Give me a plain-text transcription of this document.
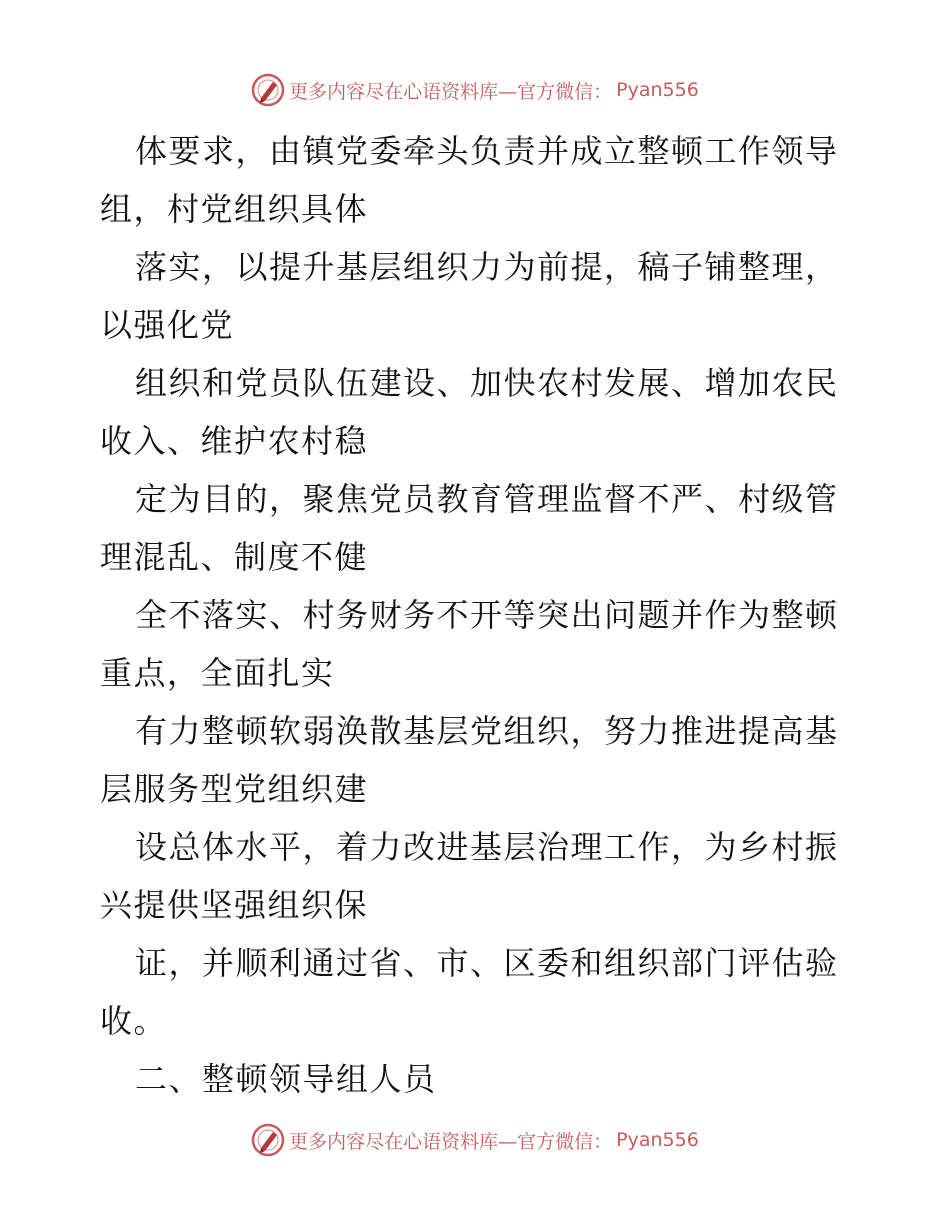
更多内容尽在心语资料库—官方微信： Pyan556
体要求，由镇党委牵头负责并成立整顿工作领导
组，村党组织具体
落实，以提升基层组织力为前提，稿子铺整理，
以强化党
组织和党员队伍建设、加快农村发展、增加农民
收入、维护农村稳
定为目的，聚焦党员教育管理监督不严、村级管
理混乱、制度不健
全不落实、村务财务不开等突出问题并作为整顿
重点，全面扎实
有力整顿软弱涣散基层党组织，努力推进提高基
层服务型党组织建
设总体水平，着力改进基层治理工作，为乡村振
兴提供坚强组织保
证，并顺利通过省、市、区委和组织部门评估验
收。
二、整顿领导组人员
更多内容尽在心语资料库—官方微信： Pyan556
